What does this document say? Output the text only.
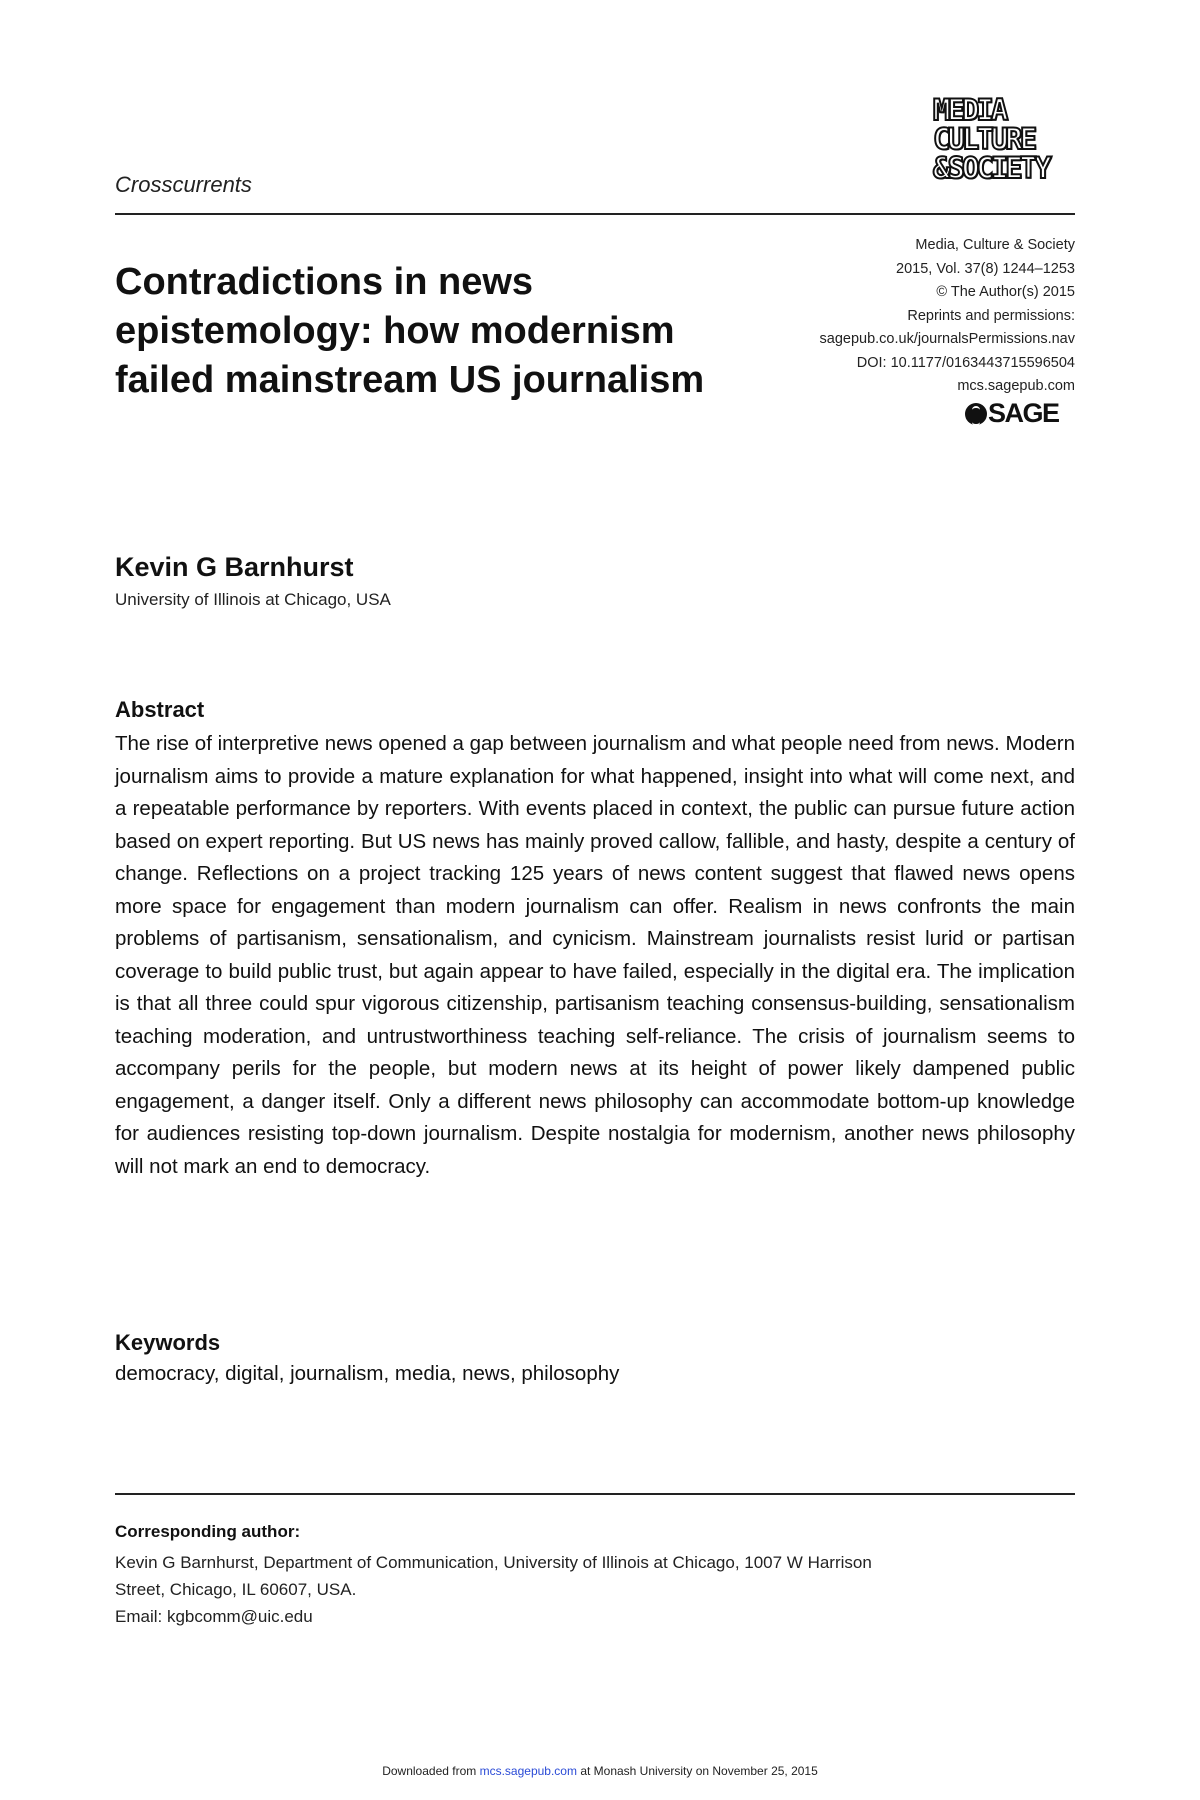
Crosscurrents
MEDIA
CULTURE
&SOCIETY
Contradictions in news epistemology: how modernism failed mainstream US journalism
Media, Culture & Society
2015, Vol. 37(8) 1244–1253
© The Author(s) 2015
Reprints and permissions:
sagepub.co.uk/journalsPermissions.nav
DOI: 10.1177/0163443715596504
mcs.sagepub.com
SAGE
Kevin G Barnhurst
University of Illinois at Chicago, USA
Abstract

The rise of interpretive news opened a gap between journalism and what people need from news. Modern journalism aims to provide a mature explanation for what happened, insight into what will come next, and a repeatable performance by reporters. With events placed in context, the public can pursue future action based on expert reporting. But US news has mainly proved callow, fallible, and hasty, despite a century of change. Reflections on a project tracking 125 years of news content suggest that flawed news opens more space for engagement than modern journalism can offer. Realism in news confronts the main problems of partisanism, sensationalism, and cynicism. Mainstream journalists resist lurid or partisan coverage to build public trust, but again appear to have failed, especially in the digital era. The implication is that all three could spur vigorous citizenship, partisanism teaching consensus-building, sensationalism teaching moderation, and untrustworthiness teaching self-reliance. The crisis of journalism seems to accompany perils for the people, but modern news at its height of power likely dampened public engagement, a danger itself. Only a different news philosophy can accommodate bottom-up knowledge for audiences resisting top-down journalism. Despite nostalgia for modernism, another news philosophy will not mark an end to democracy.

Keywords
democracy, digital, journalism, media, news, philosophy
Corresponding author:
Kevin G Barnhurst, Department of Communication, University of Illinois at Chicago, 1007 W Harrison
Street, Chicago, IL 60607, USA.
Email: kgbcomm@uic.edu
Downloaded from mcs.sagepub.com at Monash University on November 25, 2015
